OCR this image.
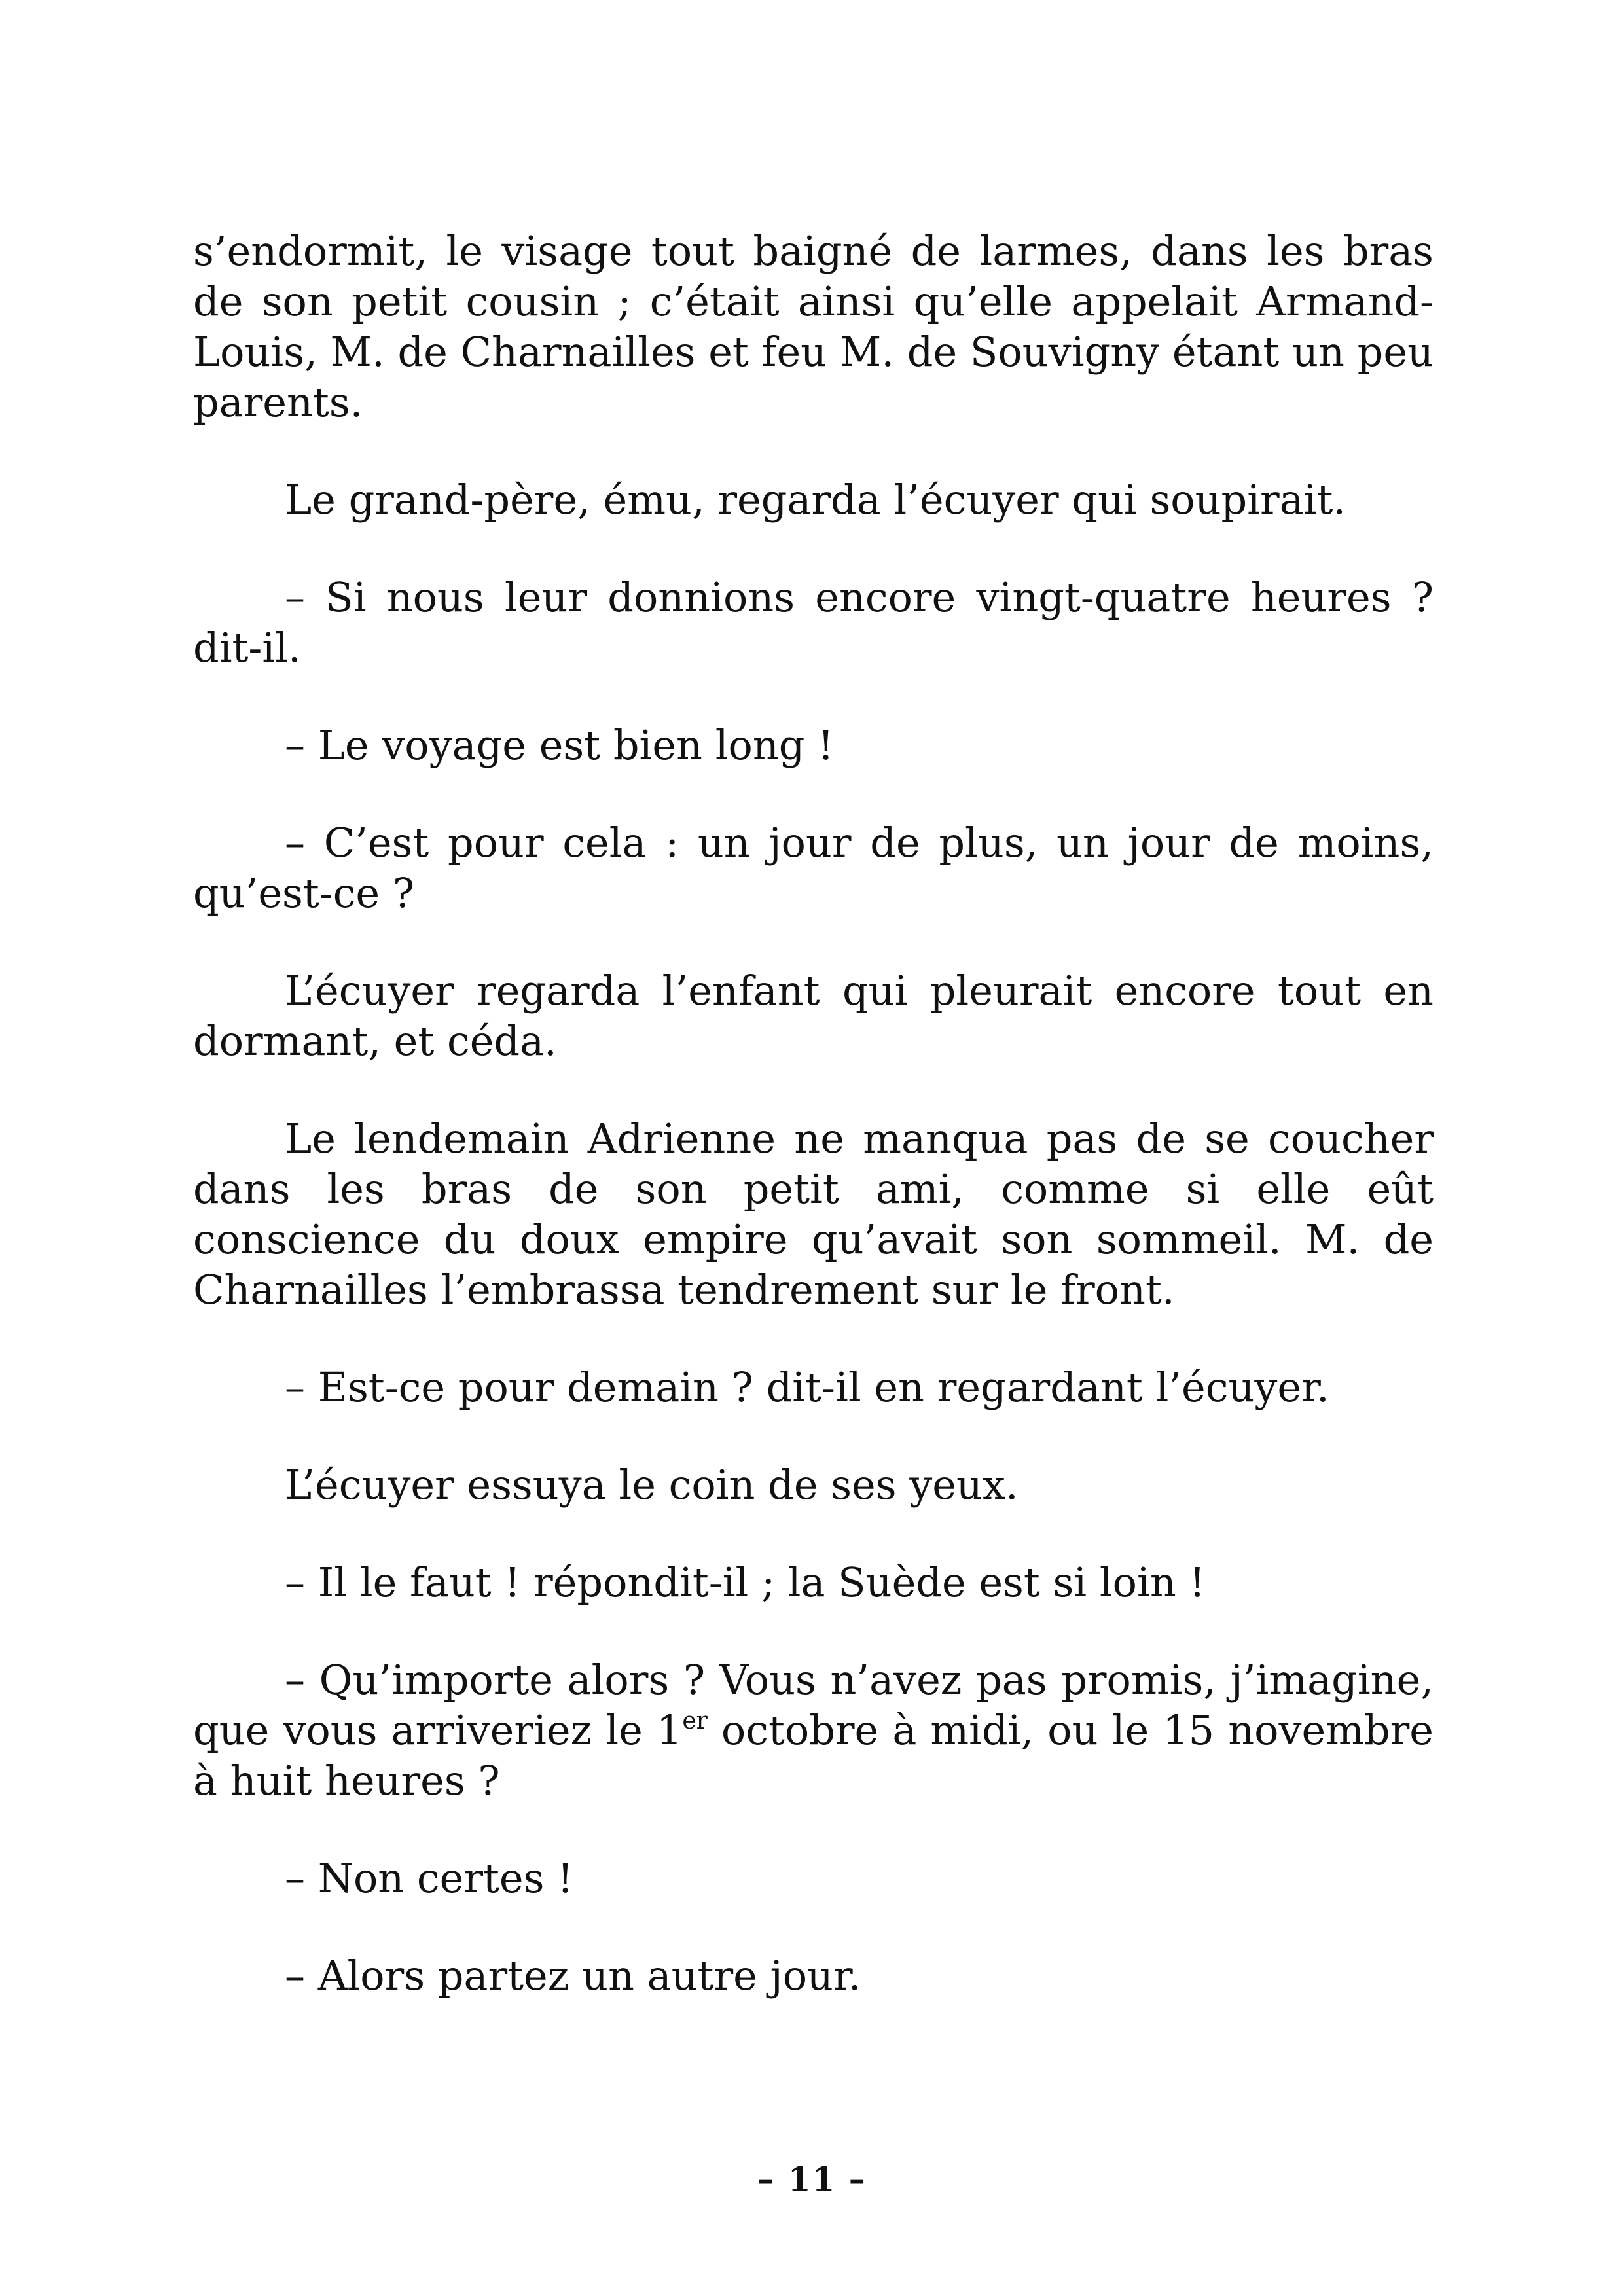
s’endormit, le visage tout baigné de larmes, dans les bras de son petit cousin ; c’était ainsi qu’elle appelait Armand-Louis, M. de Charnailles et feu M. de Souvigny étant un peu parents.

Le grand-père, ému, regarda l’écuyer qui soupirait.

– Si nous leur donnions encore vingt-quatre heures ? dit-il.

– Le voyage est bien long !

– C’est pour cela : un jour de plus, un jour de moins, qu’est-ce ?

L’écuyer regarda l’enfant qui pleurait encore tout en dormant, et céda.

Le lendemain Adrienne ne manqua pas de se coucher dans les bras de son petit ami, comme si elle eût conscience du doux empire qu’avait son sommeil. M. de Charnailles l’embrassa tendrement sur le front.

– Est-ce pour demain ? dit-il en regardant l’écuyer.

L’écuyer essuya le coin de ses yeux.

– Il le faut ! répondit-il ; la Suède est si loin !

– Qu’importe alors ? Vous n’avez pas promis, j’imagine, que vous arriveriez le 1er octobre à midi, ou le 15 novembre à huit heures ?

– Non certes !

– Alors partez un autre jour.

– 11 –
